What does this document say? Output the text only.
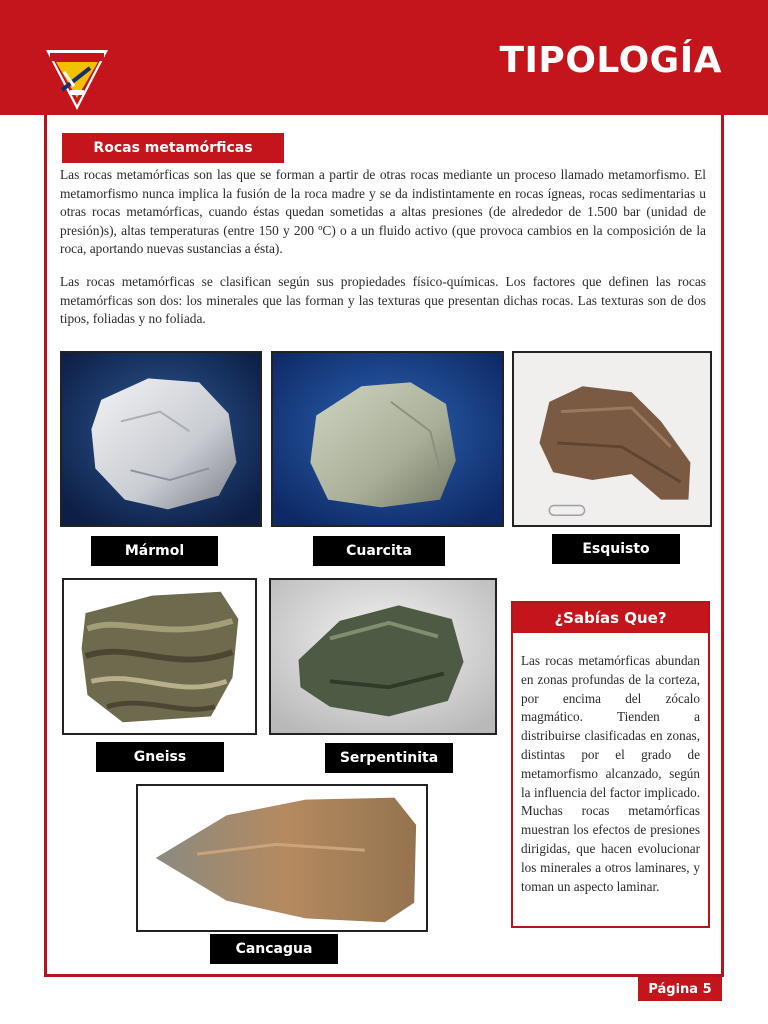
TIPOLOGÍA
Rocas metamórficas

Las rocas metamórficas son las que se forman a partir de otras rocas mediante un proceso llamado metamorfismo. El metamorfismo nunca implica la fusión de la roca madre y se da indistintamente en rocas ígneas, rocas sedimentarias u otras rocas metamórficas, cuando éstas quedan sometidas a altas presiones (de alrededor de 1.500 bar (unidad de presión)s), altas temperaturas (entre 150 y 200 ºC) o a un fluido activo (que provoca cambios en la composición de la roca, aportando nuevas sustancias a ésta).

Las rocas metamórficas se clasifican según sus propiedades físico-químicas. Los factores que definen las rocas metamórficas son dos: los minerales que las forman y las texturas que presentan dichas rocas. Las texturas son de dos tipos, foliadas y no foliada.

Mármol	Cuarcita	Esquisto
Gneiss	Serpentinita
Cancagua
¿Sabías Que?

Las rocas metamórficas abundan en zonas profundas de la corteza, por encima del zócalo magmático. Tienden a distribuirse clasificadas en zonas, distintas por el grado de metamorfismo alcanzado, según la influencia del factor implicado. Muchas rocas metamórficas muestran los efectos de presiones dirigidas, que hacen evolucionar los minerales a otros laminares, y toman un aspecto laminar.

Página 5
